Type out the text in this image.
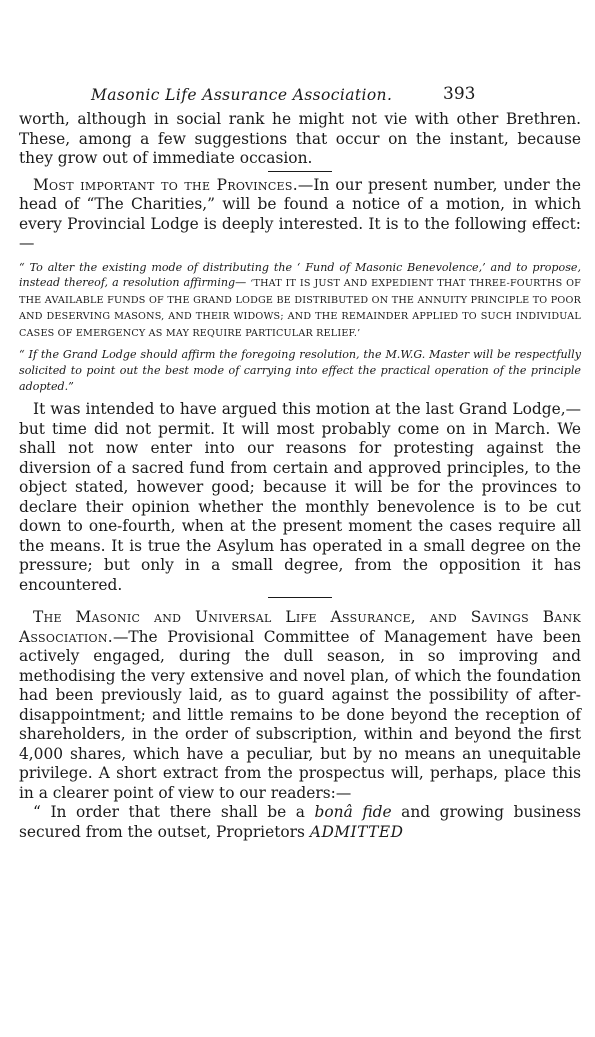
Masonic Life Assurance Association.	393

worth, although in social rank he might not vie with other Brethren. These, among a few suggestions that occur on the instant, because they grow out of immediate occasion.

Most important to the Provinces.—In our present number, under the head of “The Charities,” will be found a notice of a motion, in which every Provincial Lodge is deeply interested. It is to the following effect:—

“ To alter the existing mode of distributing the ‘ Fund of Masonic Benevolence,’ and to propose, instead thereof, a resolution affirming— ‘THAT IT IS JUST AND EXPEDIENT THAT THREE-FOURTHS OF THE AVAILABLE FUNDS OF THE GRAND LODGE BE DISTRIBUTED ON THE ANNUITY PRINCIPLE TO POOR AND DESERVING MASONS, AND THEIR WIDOWS; AND THE REMAINDER APPLIED TO SUCH INDIVIDUAL CASES OF EMERGENCY AS MAY REQUIRE PARTICULAR RELIEF.’

“ If the Grand Lodge should affirm the foregoing resolution, the M.W.G. Master will be respectfully solicited to point out the best mode of carrying into effect the practical operation of the principle adopted.”

It was intended to have argued this motion at the last Grand Lodge,—but time did not permit. It will most probably come on in March. We shall not now enter into our reasons for protesting against the diversion of a sacred fund from certain and approved principles, to the object stated, however good; because it will be for the provinces to declare their opinion whether the monthly benevolence is to be cut down to one-fourth, when at the present moment the cases require all the means. It is true the Asylum has operated in a small degree on the pressure; but only in a small degree, from the opposition it has encountered.

The Masonic and Universal Life Assurance, and Savings Bank Association.—The Provisional Committee of Management have been actively engaged, during the dull season, in so improving and methodising the very extensive and novel plan, of which the foundation had been previously laid, as to guard against the possibility of after-disappointment; and little remains to be done beyond the reception of shareholders, in the order of subscription, within and beyond the first 4,000 shares, which have a peculiar, but by no means an unequitable privilege. A short extract from the prospectus will, perhaps, place this in a clearer point of view to our readers:—

“ In order that there shall be a bonâ fide and growing business secured from the outset, Proprietors ADMITTED
